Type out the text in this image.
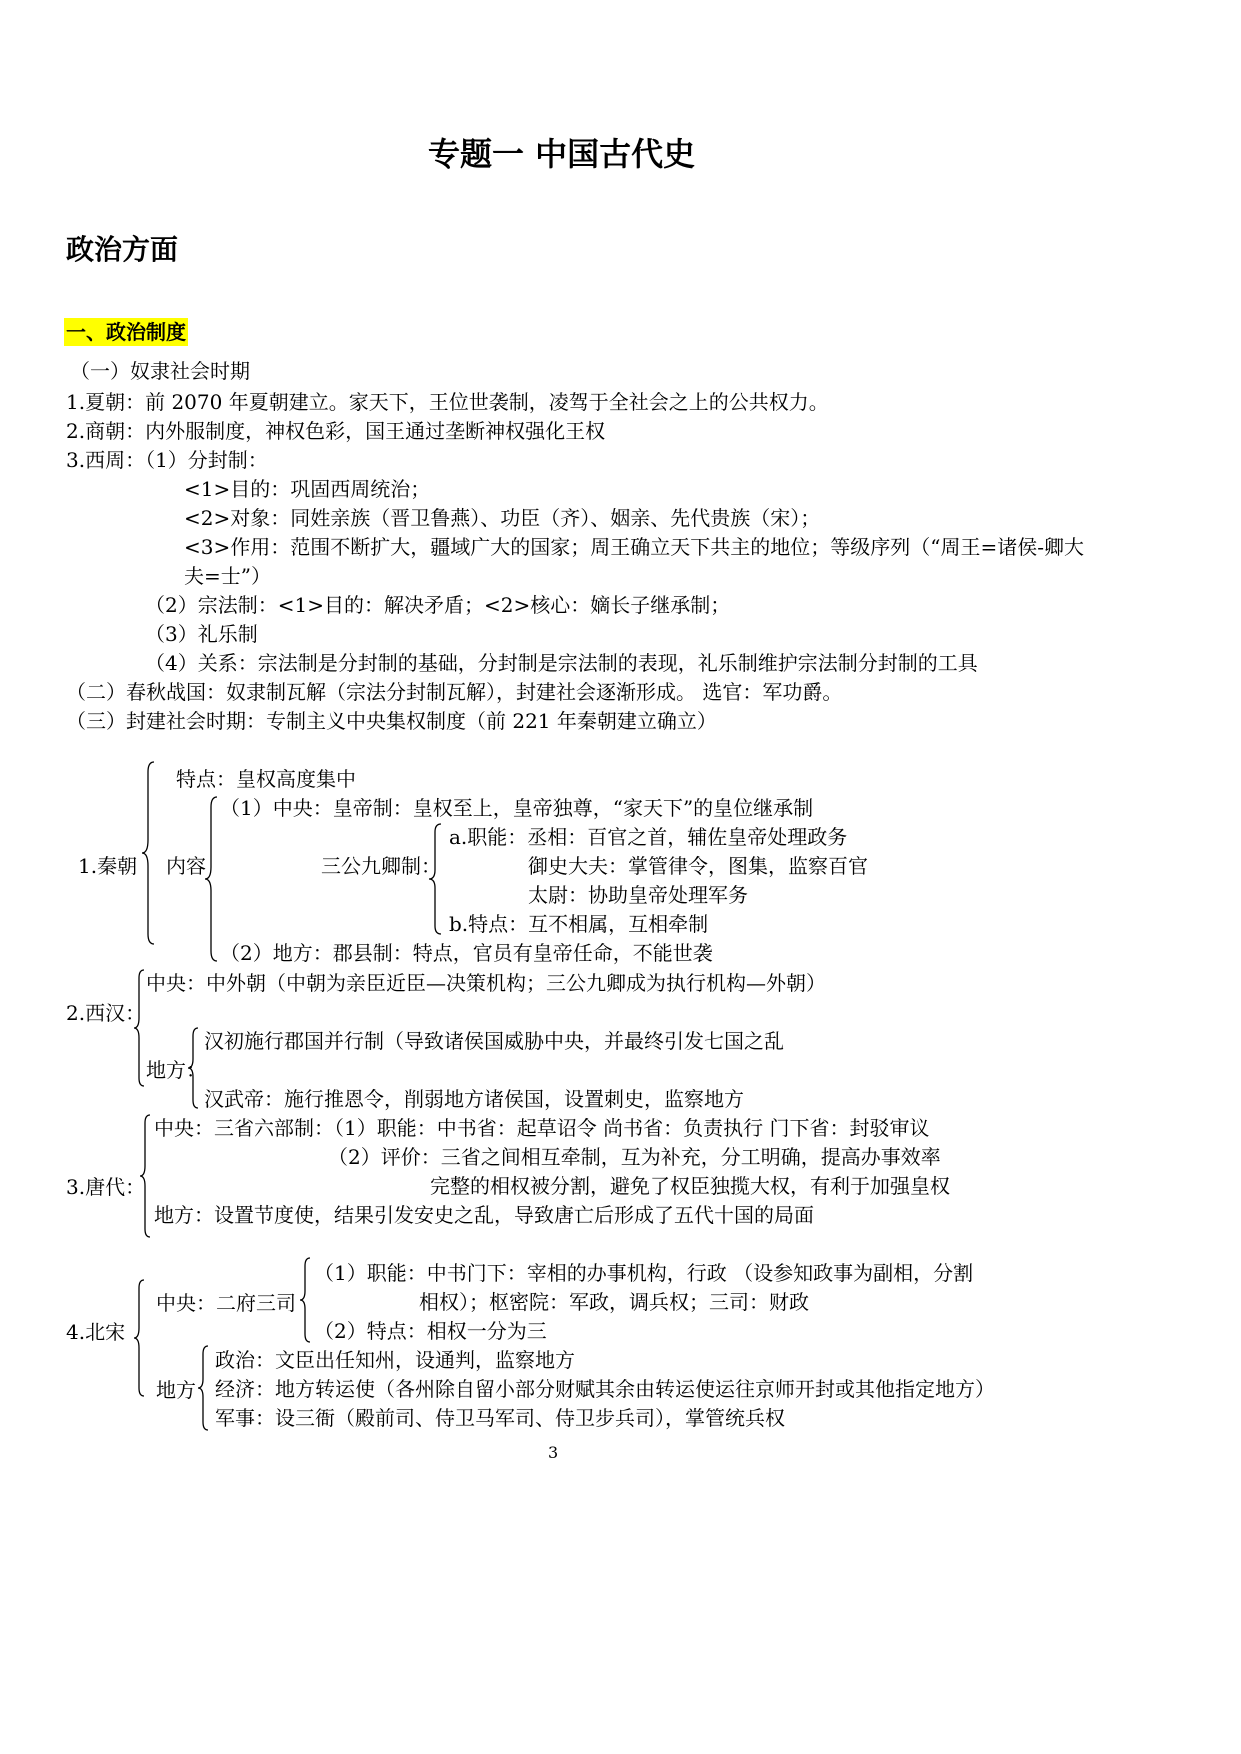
专题一 中国古代史
政治方面
一、政治制度
（一）奴隶社会时期
1.夏朝：前 2070 年夏朝建立。家天下，王位世袭制，凌驾于全社会之上的公共权力。
2.商朝：内外服制度，神权色彩，国王通过垄断神权强化王权
3.西周：（1）分封制：
<1>目的：巩固西周统治；
<2>对象：同姓亲族（晋卫鲁燕）、功臣（齐）、姻亲、先代贵族（宋）；
<3>作用：范围不断扩大，疆域广大的国家；周王确立天下共主的地位；等级序列（“周王=诸侯-卿大
夫=士”）
（2）宗法制：<1>目的：解决矛盾；<2>核心：嫡长子继承制；
（3）礼乐制
（4）关系：宗法制是分封制的基础，分封制是宗法制的表现，礼乐制维护宗法制分封制的工具
（二）春秋战国：奴隶制瓦解（宗法分封制瓦解），封建社会逐渐形成。 选官：军功爵。
（三）封建社会时期：专制主义中央集权制度（前 221 年秦朝建立确立）
1.秦朝
特点：皇权高度集中
内容
（1）中央：皇帝制：皇权至上，皇帝独尊，“家天下”的皇位继承制
三公九卿制：
a.职能：丞相：百官之首，辅佐皇帝处理政务
御史大夫：掌管律令，图集，监察百官
太尉：协助皇帝处理军务
b.特点：互不相属，互相牵制
（2）地方：郡县制：特点，官员有皇帝任命，不能世袭
2.西汉：
中央：中外朝（中朝为亲臣近臣—决策机构；三公九卿成为执行机构—外朝）
地方：
汉初施行郡国并行制（导致诸侯国威胁中央，并最终引发七国之乱
汉武帝：施行推恩令，削弱地方诸侯国，设置刺史，监察地方
3.唐代：
中央：三省六部制：（1）职能：中书省：起草诏令 尚书省：负责执行 门下省：封驳审议
（2）评价：三省之间相互牵制，互为补充，分工明确，提高办事效率
完整的相权被分割，避免了权臣独揽大权，有利于加强皇权
地方：设置节度使，结果引发安史之乱，导致唐亡后形成了五代十国的局面
4.北宋
中央：二府三司
（1）职能：中书门下：宰相的办事机构，行政 （设参知政事为副相，分割
相权）；枢密院：军政，调兵权；三司：财政
（2）特点：相权一分为三
地方
政治：文臣出任知州，设通判，监察地方
经济：地方转运使（各州除自留小部分财赋其余由转运使运往京师开封或其他指定地方）
军事：设三衙（殿前司、侍卫马军司、侍卫步兵司），掌管统兵权
3
